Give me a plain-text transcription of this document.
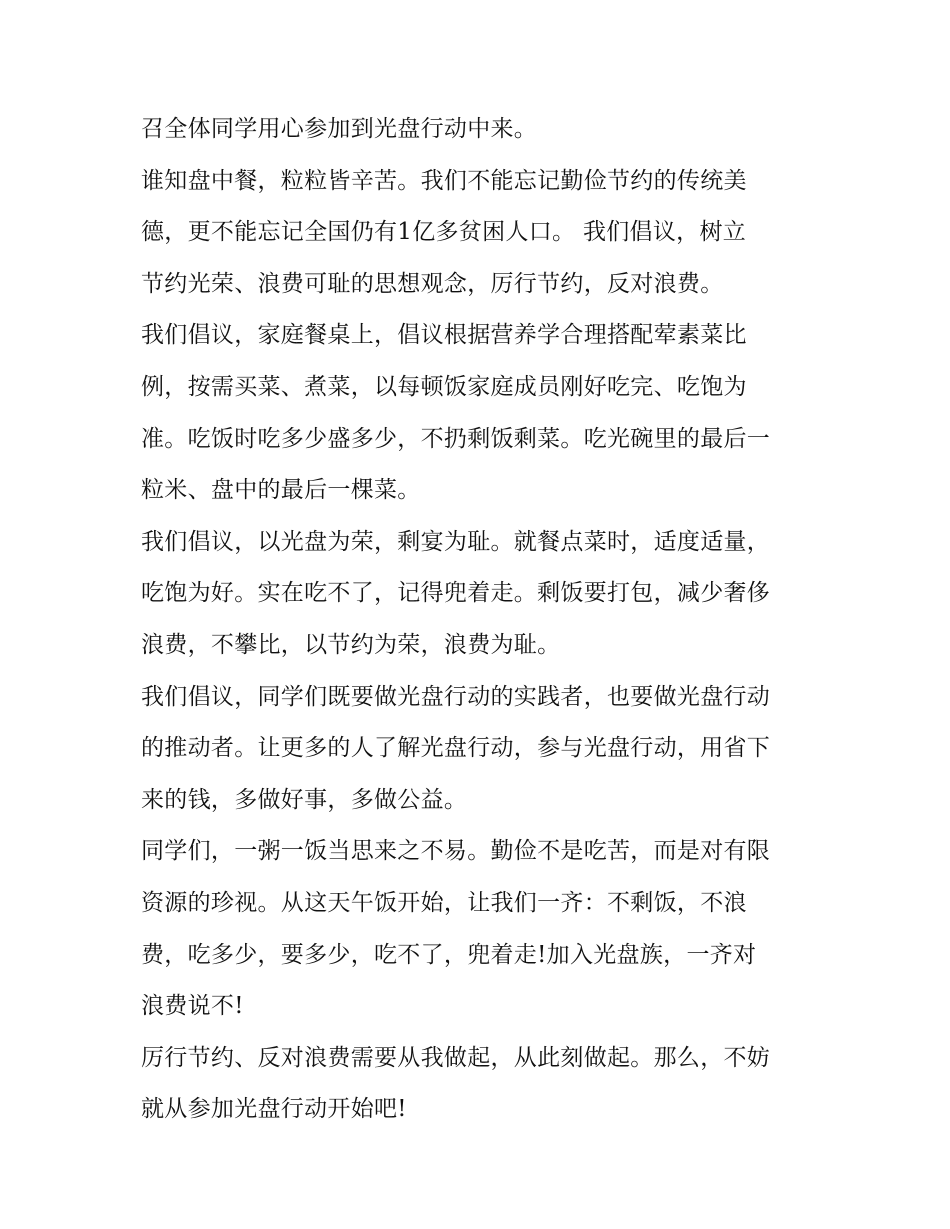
召全体同学用心参加到光盘行动中来。
谁知盘中餐，粒粒皆辛苦。我们不能忘记勤俭节约的传统美
德，更不能忘记全国仍有1亿多贫困人口。 我们倡议，树立
节约光荣、浪费可耻的思想观念，厉行节约，反对浪费。
我们倡议，家庭餐桌上，倡议根据营养学合理搭配荤素菜比
例，按需买菜、煮菜，以每顿饭家庭成员刚好吃完、吃饱为
准。吃饭时吃多少盛多少，不扔剩饭剩菜。吃光碗里的最后一
粒米、盘中的最后一棵菜。
我们倡议，以光盘为荣，剩宴为耻。就餐点菜时，适度适量，
吃饱为好。实在吃不了，记得兜着走。剩饭要打包，减少奢侈
浪费，不攀比，以节约为荣，浪费为耻。
我们倡议，同学们既要做光盘行动的实践者，也要做光盘行动
的推动者。让更多的人了解光盘行动，参与光盘行动，用省下
来的钱，多做好事，多做公益。
同学们，一粥一饭当思来之不易。勤俭不是吃苦，而是对有限
资源的珍视。从这天午饭开始，让我们一齐：不剩饭，不浪
费，吃多少，要多少，吃不了，兜着走!加入光盘族，一齐对
浪费说不!
厉行节约、反对浪费需要从我做起，从此刻做起。那么，不妨
就从参加光盘行动开始吧!
